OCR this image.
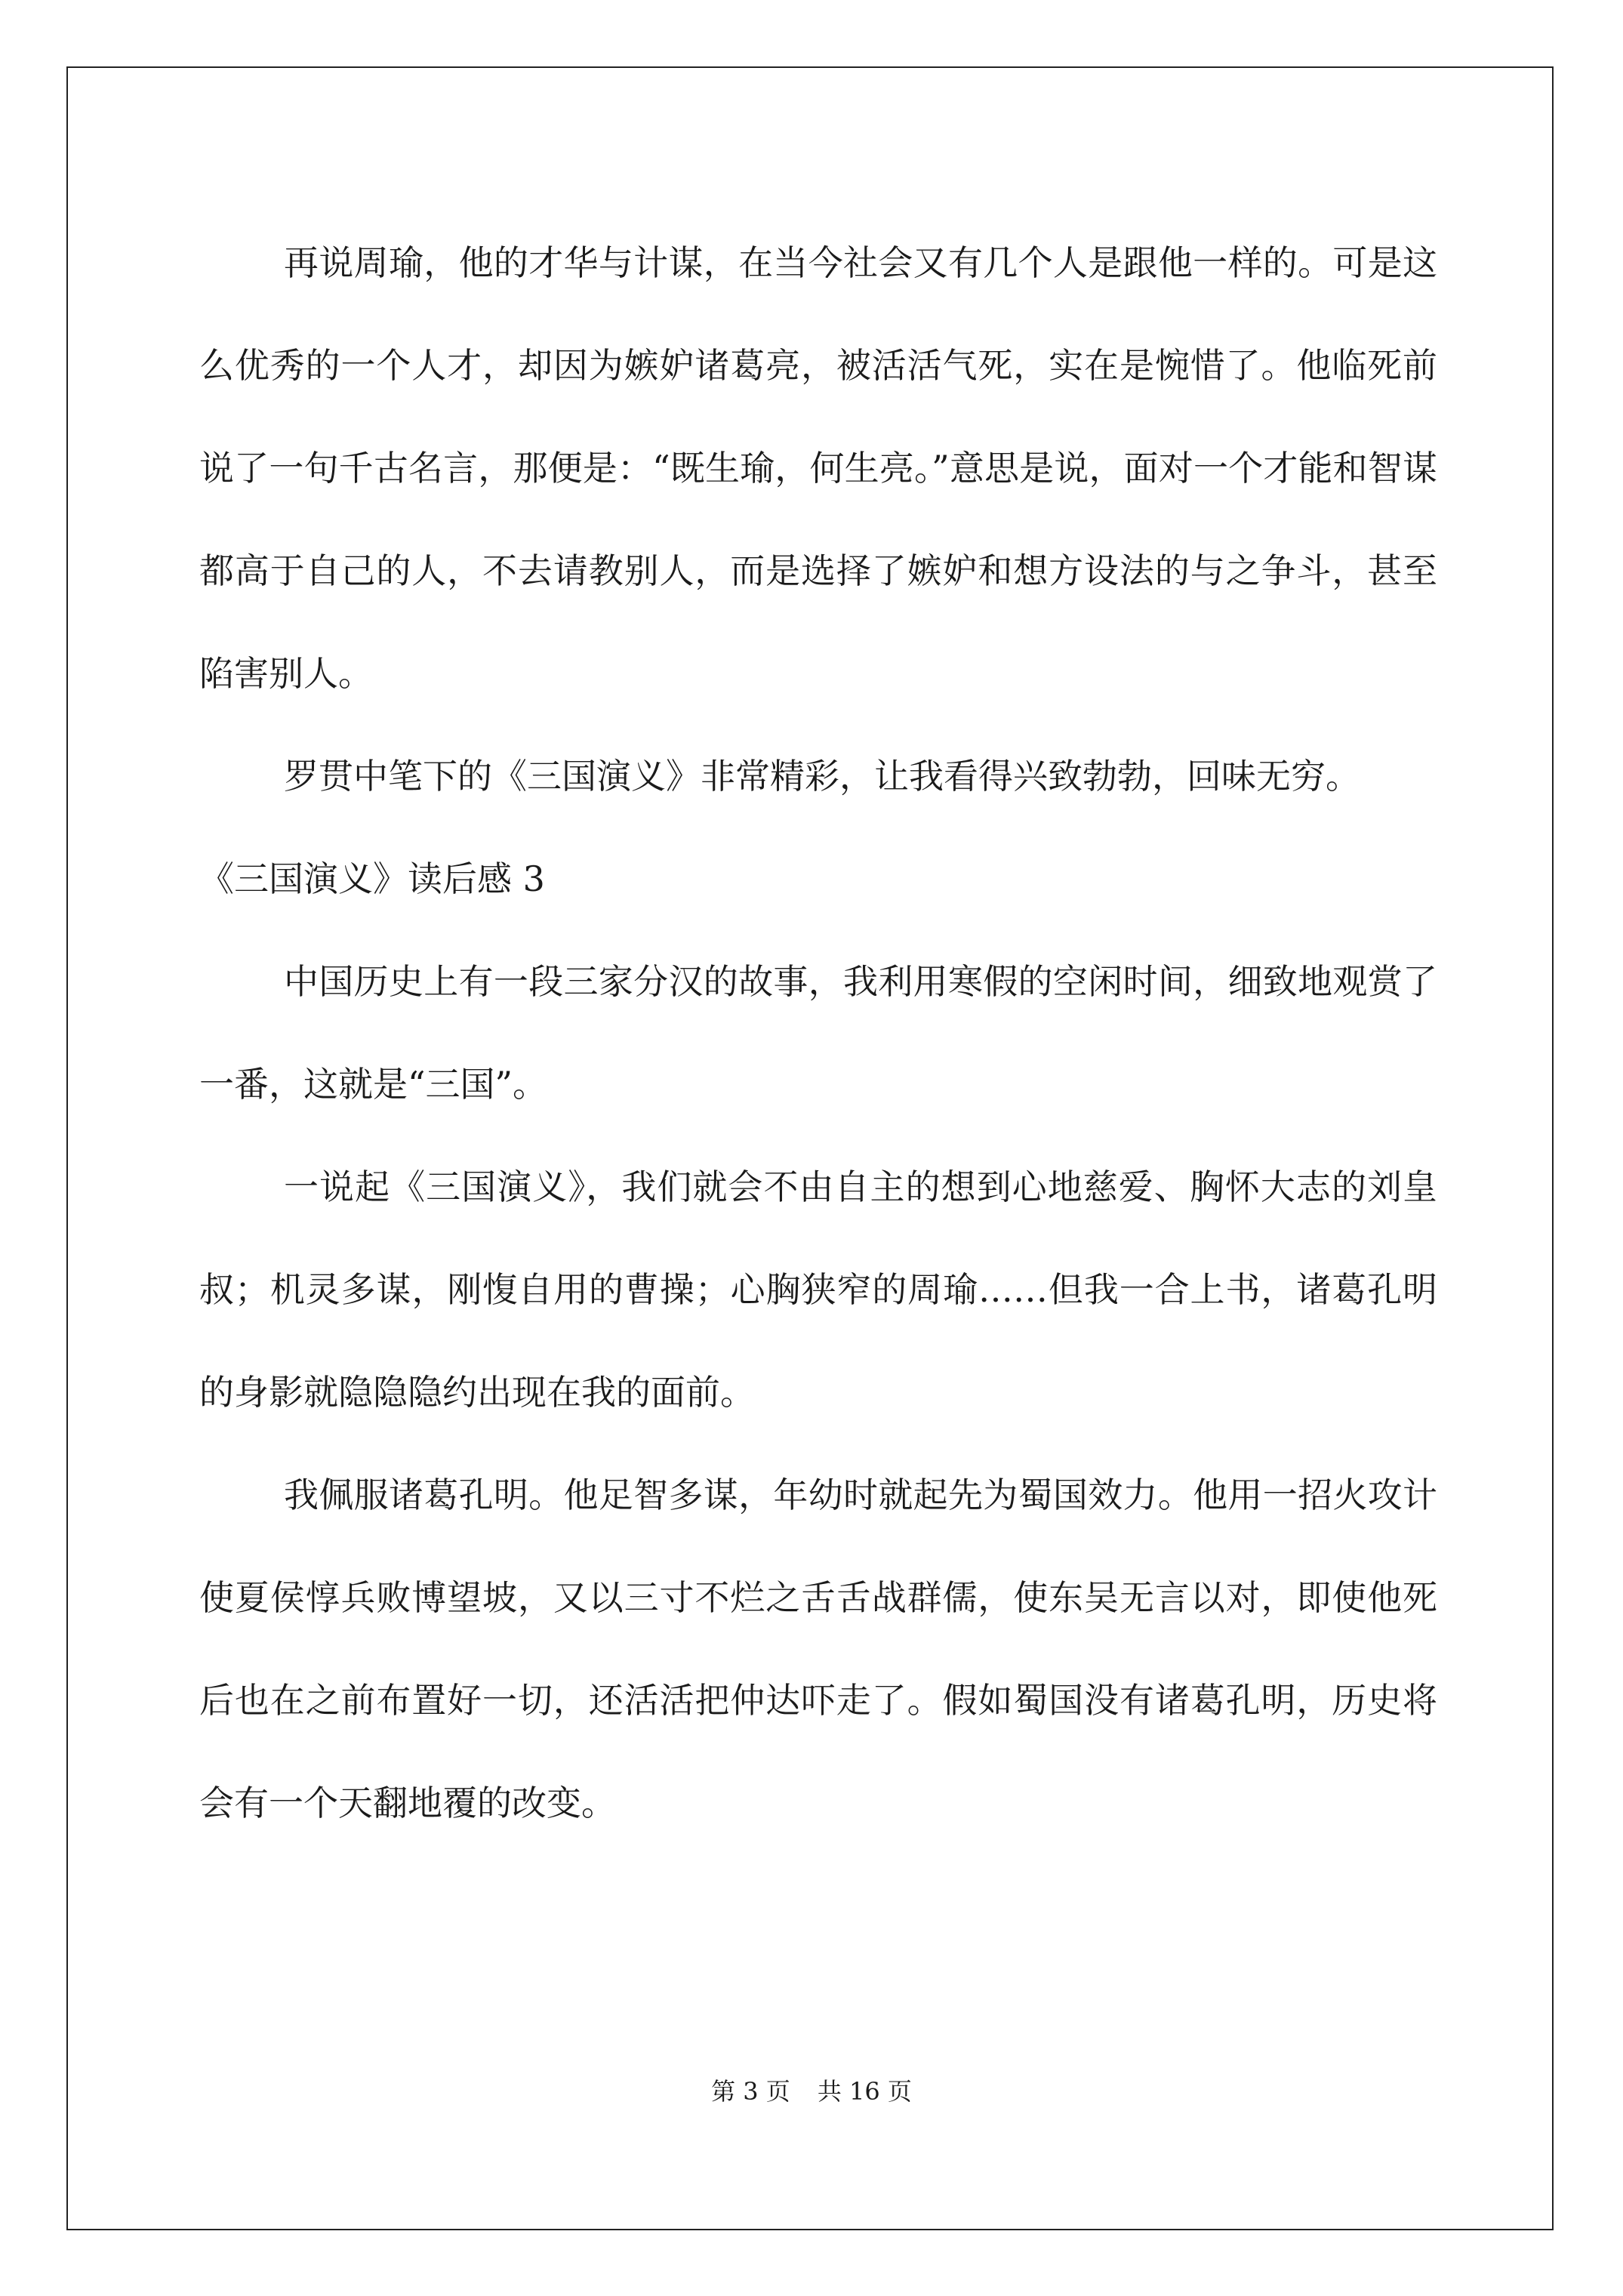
再说周瑜，他的才华与计谋，在当今社会又有几个人是跟他一样的。可是这么优秀的一个人才，却因为嫉妒诸葛亮，被活活气死，实在是惋惜了。他临死前说了一句千古名言，那便是：“既生瑜，何生亮。”意思是说，面对一个才能和智谋都高于自己的人，不去请教别人，而是选择了嫉妒和想方设法的与之争斗，甚至陷害别人。

罗贯中笔下的《三国演义》非常精彩，让我看得兴致勃勃，回味无穷。

《三国演义》读后感 3

中国历史上有一段三家分汉的故事，我利用寒假的空闲时间，细致地观赏了一番，这就是“三国”。

一说起《三国演义》，我们就会不由自主的想到心地慈爱、胸怀大志的刘皇叔；机灵多谋，刚愎自用的曹操；心胸狭窄的周瑜……但我一合上书，诸葛孔明的身影就隐隐隐约出现在我的面前。

我佩服诸葛孔明。他足智多谋，年幼时就起先为蜀国效力。他用一招火攻计使夏侯惇兵败博望坡，又以三寸不烂之舌舌战群儒，使东吴无言以对，即使他死后也在之前布置好一切，还活活把仲达吓走了。假如蜀国没有诸葛孔明，历史将会有一个天翻地覆的改变。

第 3 页 共 16 页
